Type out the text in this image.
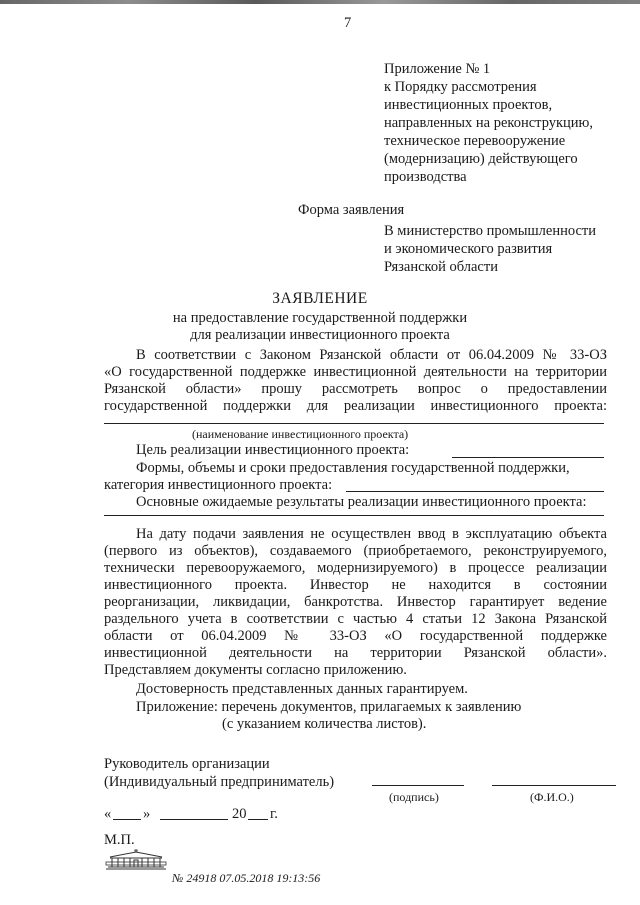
7
Приложение № 1
к Порядку рассмотрения
инвестиционных проектов,
направленных на реконструкцию,
техническое перевооружение
(модернизацию) действующего
производства
Форма заявления
В министерство промышленности
и экономического развития
Рязанской области
ЗАЯВЛЕНИЕ
на предоставление государственной поддержки
для реализации инвестиционного проекта
В соответствии с Законом Рязанской области от 06.04.2009 № 33-ОЗ
«О государственной поддержке инвестиционной деятельности на территории
Рязанской области» прошу рассмотреть вопрос о предоставлении
государственной поддержки для реализации инвестиционного проекта:
(наименование инвестиционного проекта)
Цель реализации инвестиционного проекта:
Формы, объемы и сроки предоставления государственной поддержки,
категория инвестиционного проекта:
Основные ожидаемые результаты реализации инвестиционного проекта:
На дату подачи заявления не осуществлен ввод в эксплуатацию объекта
(первого из объектов), создаваемого (приобретаемого, реконструируемого,
технически перевооружаемого, модернизируемого) в процессе реализации
инвестиционного проекта. Инвестор не находится в состоянии
реорганизации, ликвидации, банкротства. Инвестор гарантирует ведение
раздельного учета в соответствии с частью 4 статьи 12 Закона Рязанской
области от 06.04.2009 № 33-ОЗ «О государственной поддержке
инвестиционной деятельности на территории Рязанской области».
Представляем документы согласно приложению.
Достоверность представленных данных гарантируем.
Приложение: перечень документов, прилагаемых к заявлению
(с указанием количества листов).
Руководитель организации
(Индивидуальный предприниматель)
(подпись)	(Ф.И.О.)
« »	20 г.
М.П.
№ 24918 07.05.2018 19:13:56
